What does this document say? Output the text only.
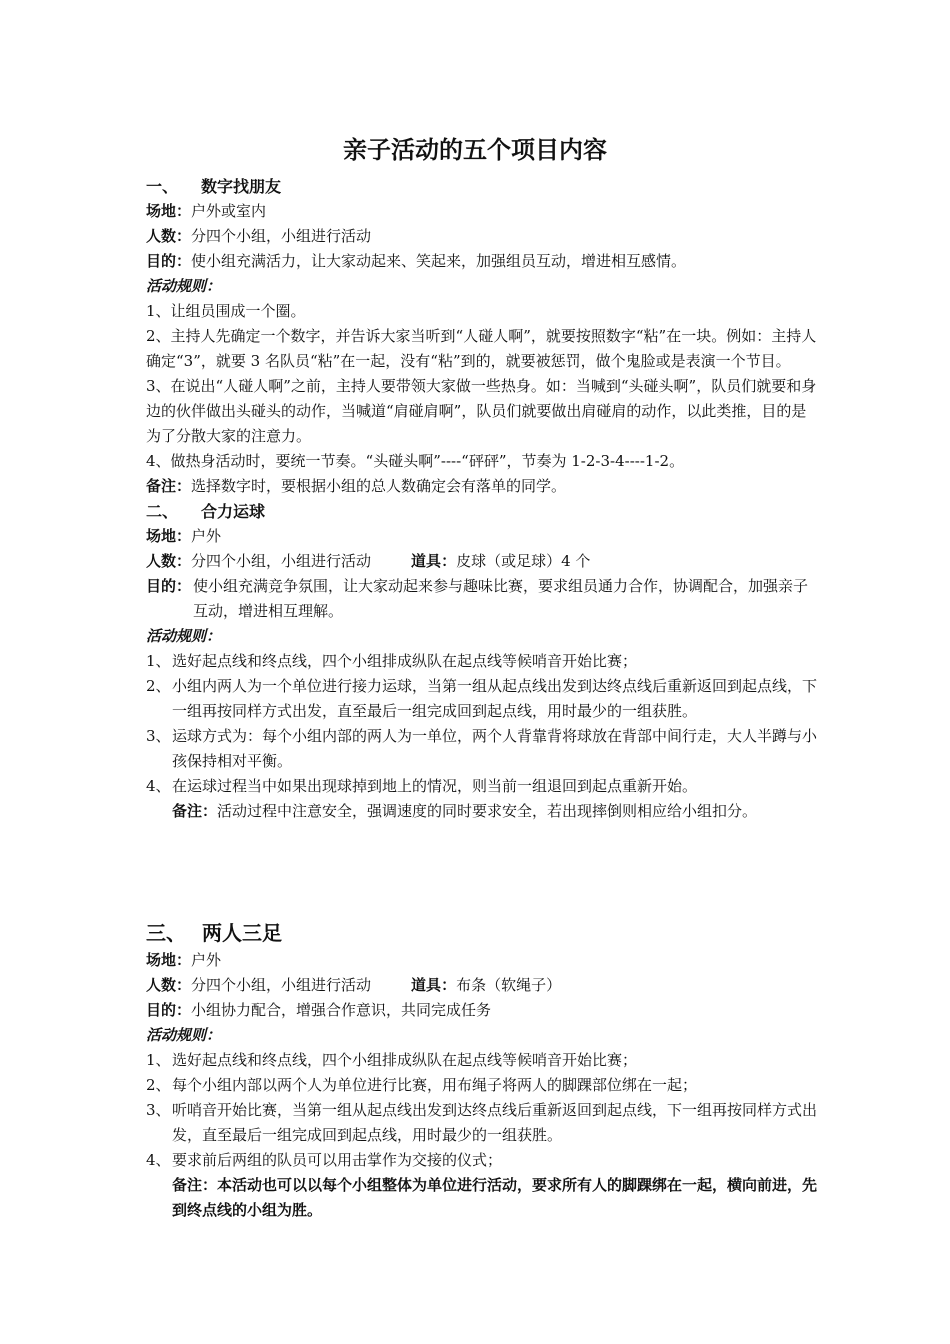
亲子活动的五个项目内容
一、 数字找朋友
场地：户外或室内
人数：分四个小组，小组进行活动
目的：使小组充满活力，让大家动起来、笑起来，加强组员互动，增进相互感情。
活动规则：
1、让组员围成一个圈。
2、主持人先确定一个数字，并告诉大家当听到“人碰人啊”，就要按照数字“粘”在一块。例如：主持人确定“3”，就要 3 名队员“粘”在一起，没有“粘”到的，就要被惩罚，做个鬼脸或是表演一个节目。
3、在说出“人碰人啊”之前，主持人要带领大家做一些热身。如：当喊到“头碰头啊”，队员们就要和身边的伙伴做出头碰头的动作，当喊道“肩碰肩啊”，队员们就要做出肩碰肩的动作，以此类推，目的是为了分散大家的注意力。
4、做热身活动时，要统一节奏。“头碰头啊”----“砰砰”，节奏为 1-2-3-4----1-2。
备注：选择数字时，要根据小组的总人数确定会有落单的同学。
二、 合力运球
场地：户外
人数：分四个小组，小组进行活动	道具：皮球（或足球）4 个
目的： 使小组充满竞争氛围，让大家动起来参与趣味比赛，要求组员通力合作，协调配合，加强亲子互动，增进相互理解。
活动规则：
1、 选好起点线和终点线，四个小组排成纵队在起点线等候哨音开始比赛；
2、 小组内两人为一个单位进行接力运球，当第一组从起点线出发到达终点线后重新返回到起点线，下一组再按同样方式出发，直至最后一组完成回到起点线，用时最少的一组获胜。
3、 运球方式为：每个小组内部的两人为一单位，两个人背靠背将球放在背部中间行走，大人半蹲与小孩保持相对平衡。
4、 在运球过程当中如果出现球掉到地上的情况，则当前一组退回到起点重新开始。
备注：活动过程中注意安全，强调速度的同时要求安全，若出现摔倒则相应给小组扣分。
三、 两人三足
场地：户外
人数：分四个小组，小组进行活动	道具：布条（软绳子）
目的：小组协力配合，增强合作意识，共同完成任务
活动规则：
1、 选好起点线和终点线，四个小组排成纵队在起点线等候哨音开始比赛；
2、 每个小组内部以两个人为单位进行比赛，用布绳子将两人的脚踝部位绑在一起；
3、 听哨音开始比赛，当第一组从起点线出发到达终点线后重新返回到起点线，下一组再按同样方式出发，直至最后一组完成回到起点线，用时最少的一组获胜。
4、 要求前后两组的队员可以用击掌作为交接的仪式；
备注：本活动也可以以每个小组整体为单位进行活动，要求所有人的脚踝绑在一起，横向前进，先到终点线的小组为胜。
